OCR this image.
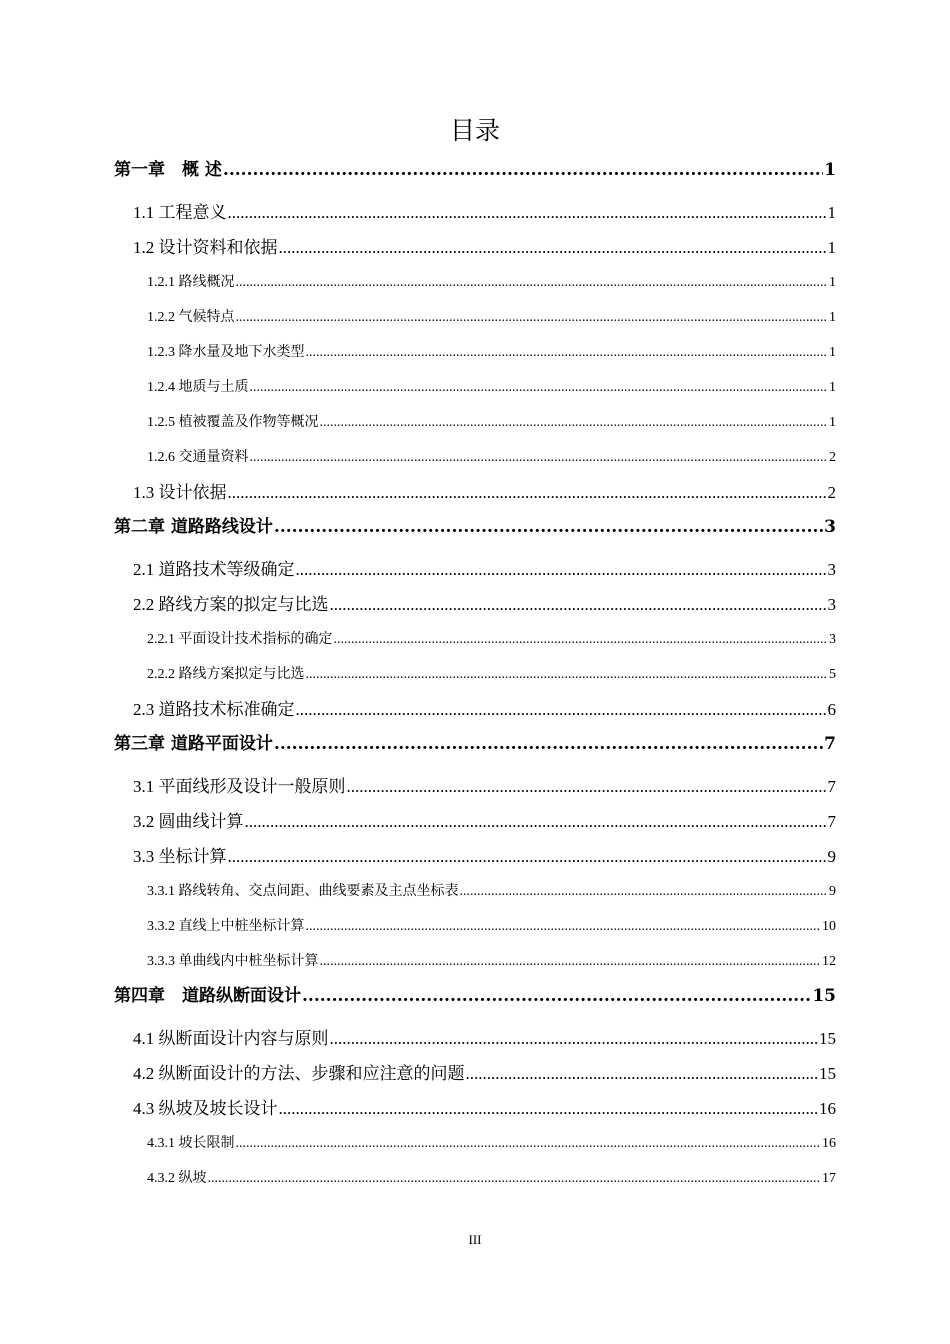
目录
第一章　概 述 .....	1
1.1 工程意义 .....	1
1.2 设计资料和依据 .....	1
1.2.1 路线概况 .....	1
1.2.2 气候特点 .....	1
1.2.3 降水量及地下水类型 .....	1
1.2.4 地质与土质 .....	1
1.2.5 植被覆盖及作物等概况 .....	1
1.2.6 交通量资料 .....	2
1.3 设计依据 .....	2
第二章 道路路线设计 .....	3
2.1 道路技术等级确定 .....	3
2.2 路线方案的拟定与比选 .....	3
2.2.1 平面设计技术指标的确定 .....	3
2.2.2 路线方案拟定与比选 .....	5
2.3 道路技术标准确定 .....	6
第三章 道路平面设计 .....	7
3.1 平面线形及设计一般原则 .....	7
3.2 圆曲线计算 .....	7
3.3 坐标计算 .....	9
3.3.1 路线转角、交点间距、曲线要素及主点坐标表 .....	9
3.3.2 直线上中桩坐标计算 .....	10
3.3.3 单曲线内中桩坐标计算 .....	12
第四章　道路纵断面设计 .....	15
4.1 纵断面设计内容与原则 .....	15
4.2 纵断面设计的方法、步骤和应注意的问题 .....	15
4.3 纵坡及坡长设计 .....	16
4.3.1 坡长限制 .....	16
4.3.2 纵坡 .....	17
III
